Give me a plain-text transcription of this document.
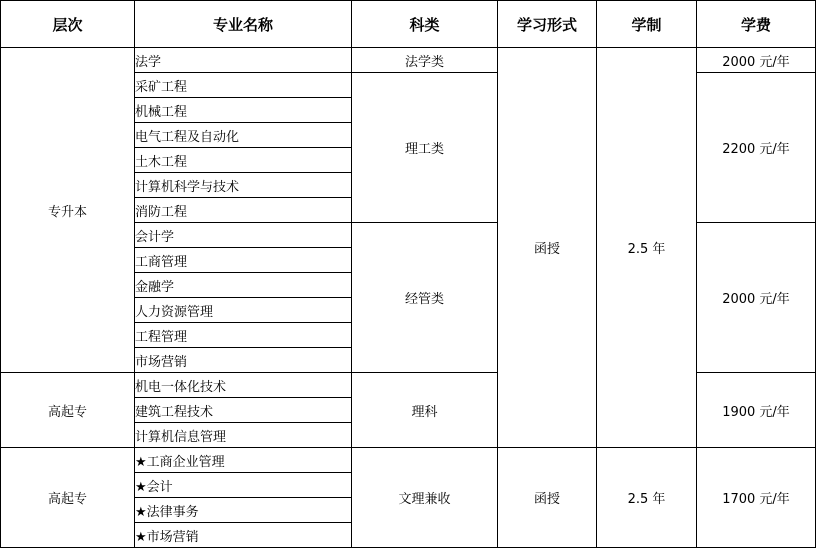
层次	专业名称	科类	学习形式	学制	学费
专升本	法学	法学类	函授	2.5 年	2000 元/年
	采矿工程	理工类			2200 元/年
	机械工程				
	电气工程及自动化				
	土木工程				
	计算机科学与技术				
	消防工程				
	会计学	经管类			2000 元/年
	工商管理				
	金融学				
	人力资源管理				
	工程管理				
	市场营销				
高起专	机电一体化技术	理科			1900 元/年
	建筑工程技术				
	计算机信息管理				
高起专	★工商企业管理	文理兼收	函授	2.5 年	1700 元/年
	★会计				
	★法律事务				
	★市场营销				
